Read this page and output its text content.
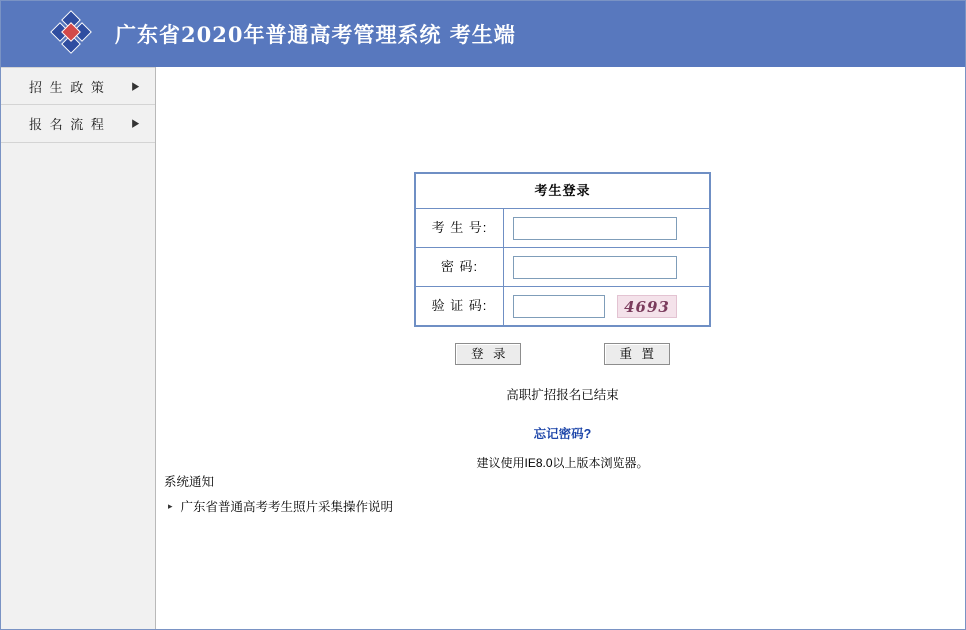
广东省2020年普通高考管理系统 考生端
招 生 政 策	▶
报 名 流 程	▶
考生登录
考 生 号:
密 码:
验 证 码:	4693
登 录	重 置
高职扩招报名已结束
忘记密码?
建议使用IE8.0以上版本浏览器。
系统通知
▸ 广东省普通高考考生照片采集操作说明
